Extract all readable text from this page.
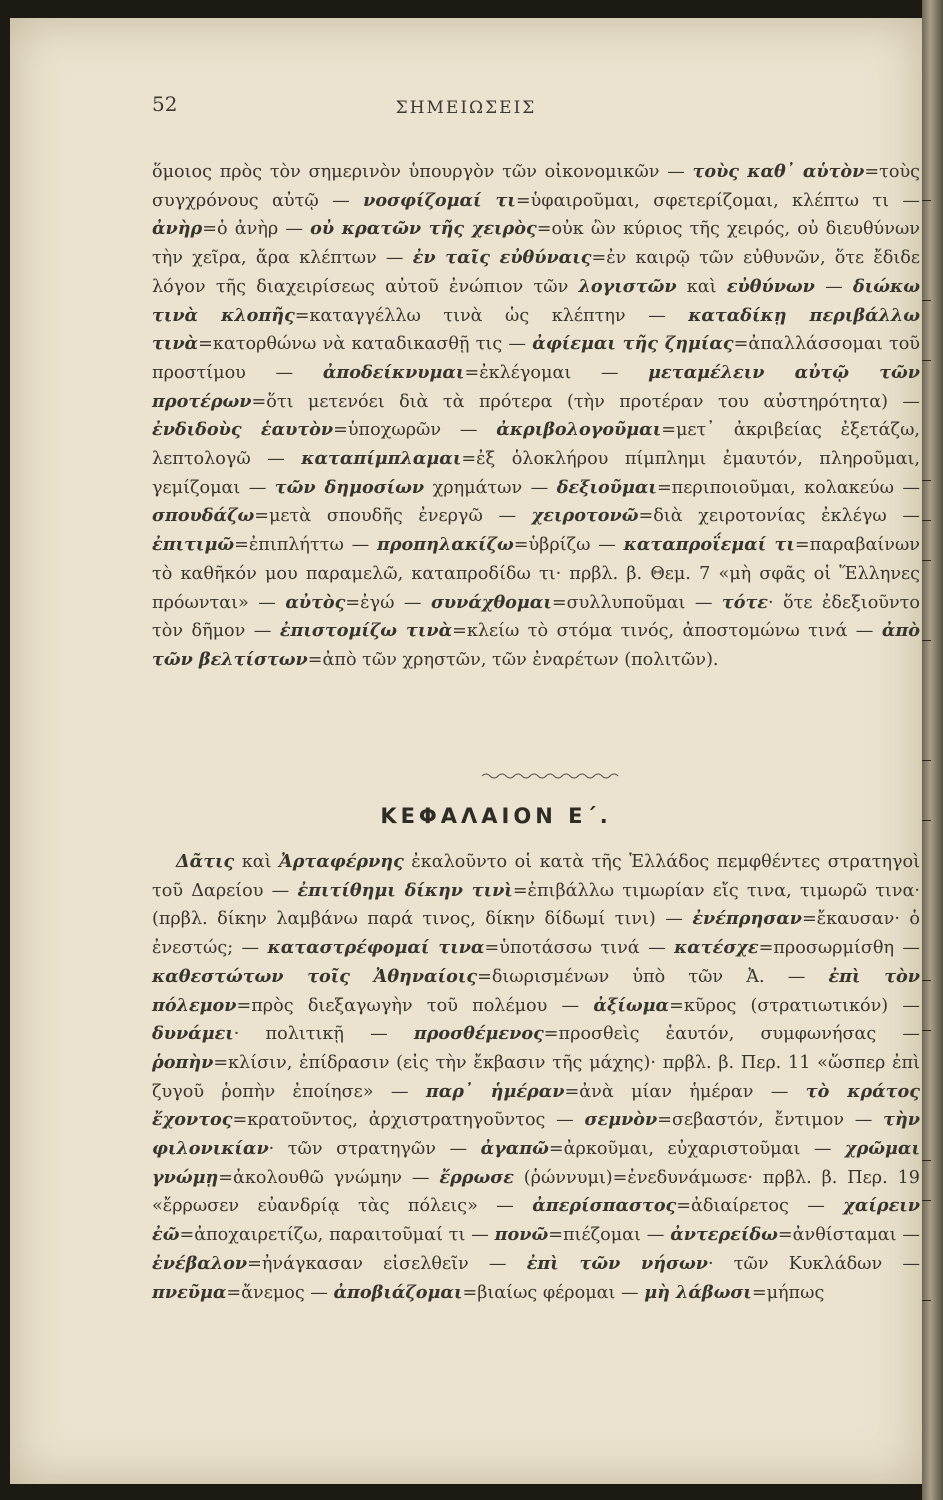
52	ΣΗΜΕΙΩΣΕΙΣ

ὅμοιος πρὸς τὸν σημερινὸν ὑπουργὸν τῶν οἰκονομικῶν — τοὺς καθ᾽ αὑτὸν=τοὺς συγχρόνους αὐτῷ — νοσφίζομαί τι=ὑφαιροῦμαι, σφετερίζομαι, κλέπτω τι — ἀνὴρ=ὁ ἀνὴρ — οὐ κρατῶν τῆς χειρὸς=οὐκ ὢν κύριος τῆς χειρός, οὐ διευθύνων τὴν χεῖρα, ἄρα κλέπτων — ἐν ταῖς εὐθύναις=ἐν καιρῷ τῶν εὐθυνῶν, ὅτε ἔδιδε λόγον τῆς διαχειρίσεως αὐτοῦ ἐνώπιον τῶν λογιστῶν καὶ εὐθύνων — διώκω τινὰ κλοπῆς=καταγγέλλω τινὰ ὡς κλέπτην — καταδίκῃ περιβάλλω τινὰ=κατορθώνω νὰ καταδικασθῇ τις — ἀφίεμαι τῆς ζημίας=ἀπαλλάσσομαι τοῦ προστίμου — ἀποδείκνυμαι=ἐκλέγομαι — μεταμέλειν αὐτῷ τῶν προτέρων=ὅτι μετενόει διὰ τὰ πρότερα (τὴν προτέραν του αὐστηρότητα) — ἐνδιδοὺς ἑαυτὸν=ὑποχωρῶν — ἀκριβολογοῦμαι=μετ᾽ ἀκριβείας ἐξετάζω, λεπτολογῶ — καταπίμπλαμαι=ἐξ ὁλοκλήρου πίμπλημι ἐμαυτόν, πληροῦμαι, γεμίζομαι — τῶν δημοσίων χρημάτων — δεξιοῦμαι=περιποιοῦμαι, κολακεύω — σπουδάζω=μετὰ σπουδῆς ἐνεργῶ — χειροτονῶ=διὰ χειροτονίας ἐκλέγω — ἐπιτιμῶ=ἐπιπλήττω — προπηλακίζω=ὑβρίζω — καταπροΐεμαί τι=παραβαίνων τὸ καθῆκόν μου παραμελῶ, καταπροδίδω τι· πρβλ. β. Θεμ. 7 «μὴ σφᾶς οἱ Ἕλληνες πρόωνται» — αὐτὸς=ἐγώ — συνάχθομαι=συλλυποῦμαι — τότε· ὅτε ἐδεξιοῦντο τὸν δῆμον — ἐπιστομίζω τινὰ=κλείω τὸ στόμα τινός, ἀποστομώνω τινά — ἀπὸ τῶν βελτίστων=ἀπὸ τῶν χρηστῶν, τῶν ἐναρέτων (πολιτῶν).

ΚΕΦΑΛΑΙΟΝ Ε΄.

Δᾶτις καὶ Ἀρταφέρνης ἐκαλοῦντο οἱ κατὰ τῆς Ἑλλάδος πεμφθέντες στρατηγοὶ τοῦ Δαρείου — ἐπιτίθημι δίκην τινὶ=ἐπιβάλλω τιμωρίαν εἴς τινα, τιμωρῶ τινα· (πρβλ. δίκην λαμβάνω παρά τινος, δίκην δίδωμί τινι) — ἐνέπρησαν=ἔκαυσαν· ὁ ἐνεστώς; — καταστρέφομαί τινα=ὑποτάσσω τινά — κατέσχε=προσωρμίσθη — καθεστώτων τοῖς Ἀθηναίοις=διωρισμένων ὑπὸ τῶν Ἀ. — ἐπὶ τὸν πόλεμον=πρὸς διεξαγωγὴν τοῦ πολέμου — ἀξίωμα=κῦρος (στρατιωτικόν) — δυνάμει· πολιτικῇ — προσθέμενος=προσθεὶς ἑαυτόν, συμφωνήσας — ῥοπὴν=κλίσιν, ἐπίδρασιν (εἰς τὴν ἔκβασιν τῆς μάχης)· πρβλ. β. Περ. 11 «ὥσπερ ἐπὶ ζυγοῦ ῥοπὴν ἐποίησε» — παρ᾽ ἡμέραν=ἀνὰ μίαν ἡμέραν — τὸ κράτος ἔχοντος=κρατοῦντος, ἀρχιστρατηγοῦντος — σεμνὸν=σεβαστόν, ἔντιμον — τὴν φιλονικίαν· τῶν στρατηγῶν — ἀγαπῶ=ἀρκοῦμαι, εὐχαριστοῦμαι — χρῶμαι γνώμῃ=ἀκολουθῶ γνώμην — ἔρρωσε (ῥώννυμι)=ἐνεδυνάμωσε· πρβλ. β. Περ. 19 «ἔρρωσεν εὐανδρίᾳ τὰς πόλεις» — ἀπερίσπαστος=ἀδιαίρετος — χαίρειν ἐῶ=ἀποχαιρετίζω, παραιτοῦμαί τι — πονῶ=πιέζομαι — ἀντερείδω=ἀνθίσταμαι — ἐνέβαλον=ἠνάγκασαν εἰσελθεῖν — ἐπὶ τῶν νήσων· τῶν Κυκλάδων — πνεῦμα=ἄνεμος — ἀποβιάζομαι=βιαίως φέρομαι — μὴ λάβωσι=μήπως
